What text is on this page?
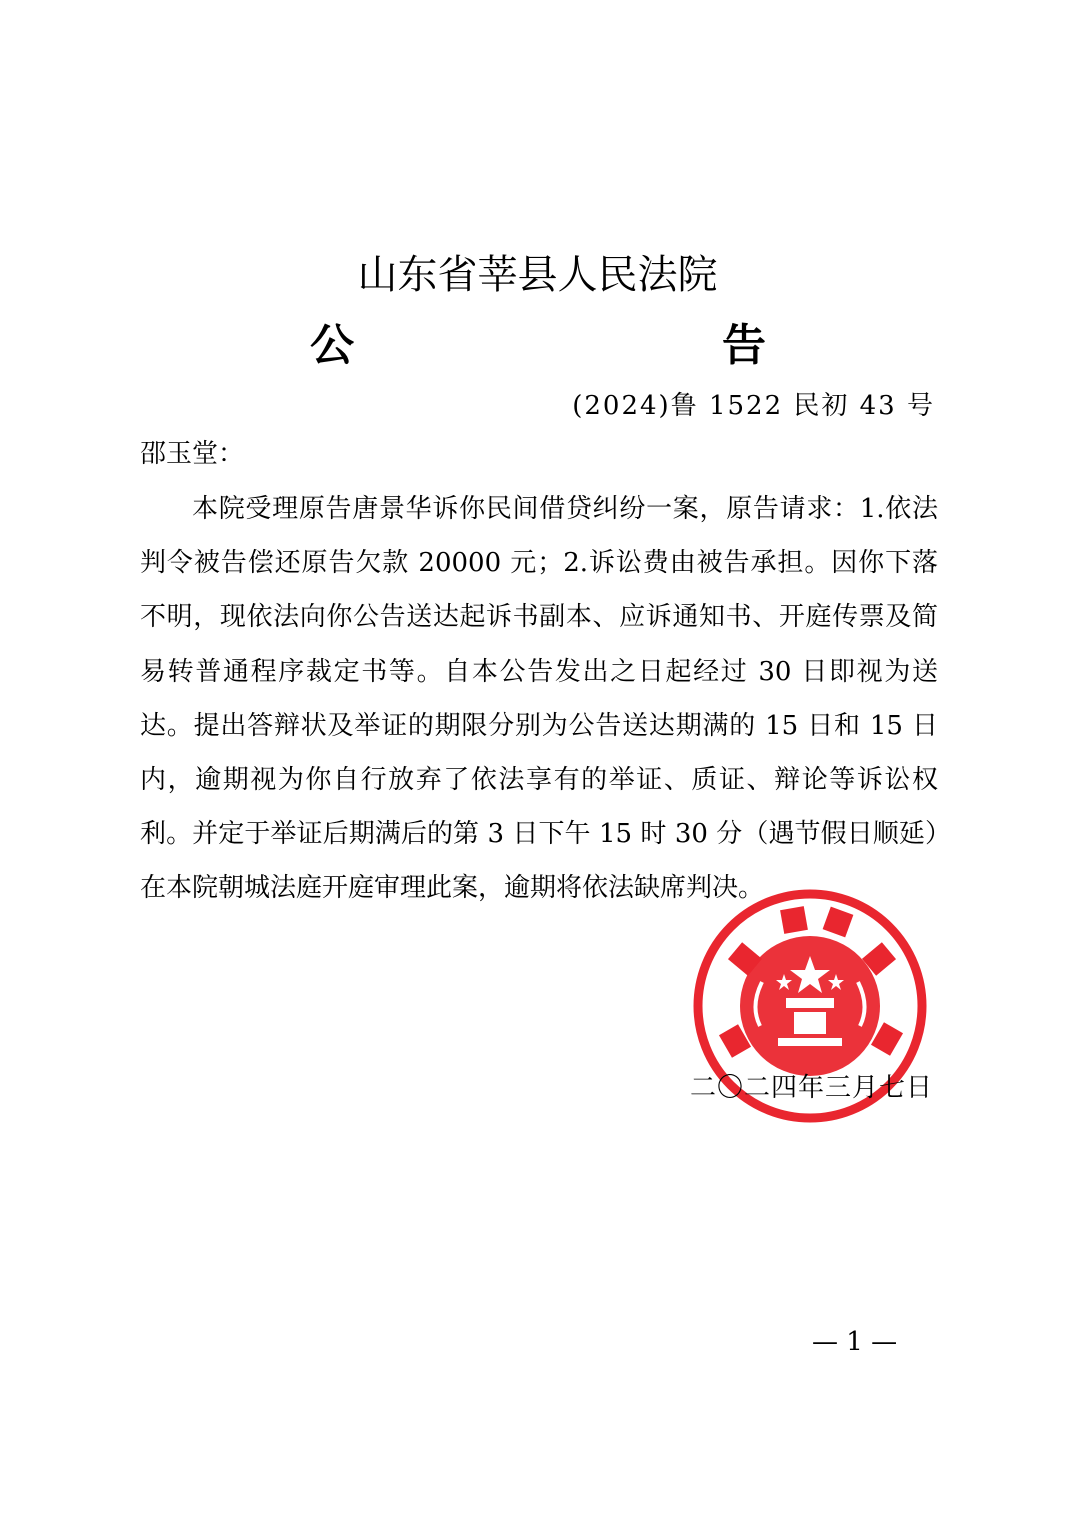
山东省莘县人民法院
公	告
(2024)鲁 1522 民初 43 号
邵玉堂：

本院受理原告唐景华诉你民间借贷纠纷一案，原告请求：1.依法判令被告偿还原告欠款 20000 元；2.诉讼费由被告承担。因你下落不明，现依法向你公告送达起诉书副本、应诉通知书、开庭传票及简易转普通程序裁定书等。自本公告发出之日起经过 30 日即视为送达。提出答辩状及举证的期限分别为公告送达期满的 15 日和 15 日内，逾期视为你自行放弃了依法享有的举证、质证、辩论等诉讼权利。并定于举证后期满后的第 3 日下午 15 时 30 分（遇节假日顺延）在本院朝城法庭开庭审理此案，逾期将依法缺席判决。

二〇二四年三月七日
— 1 —
